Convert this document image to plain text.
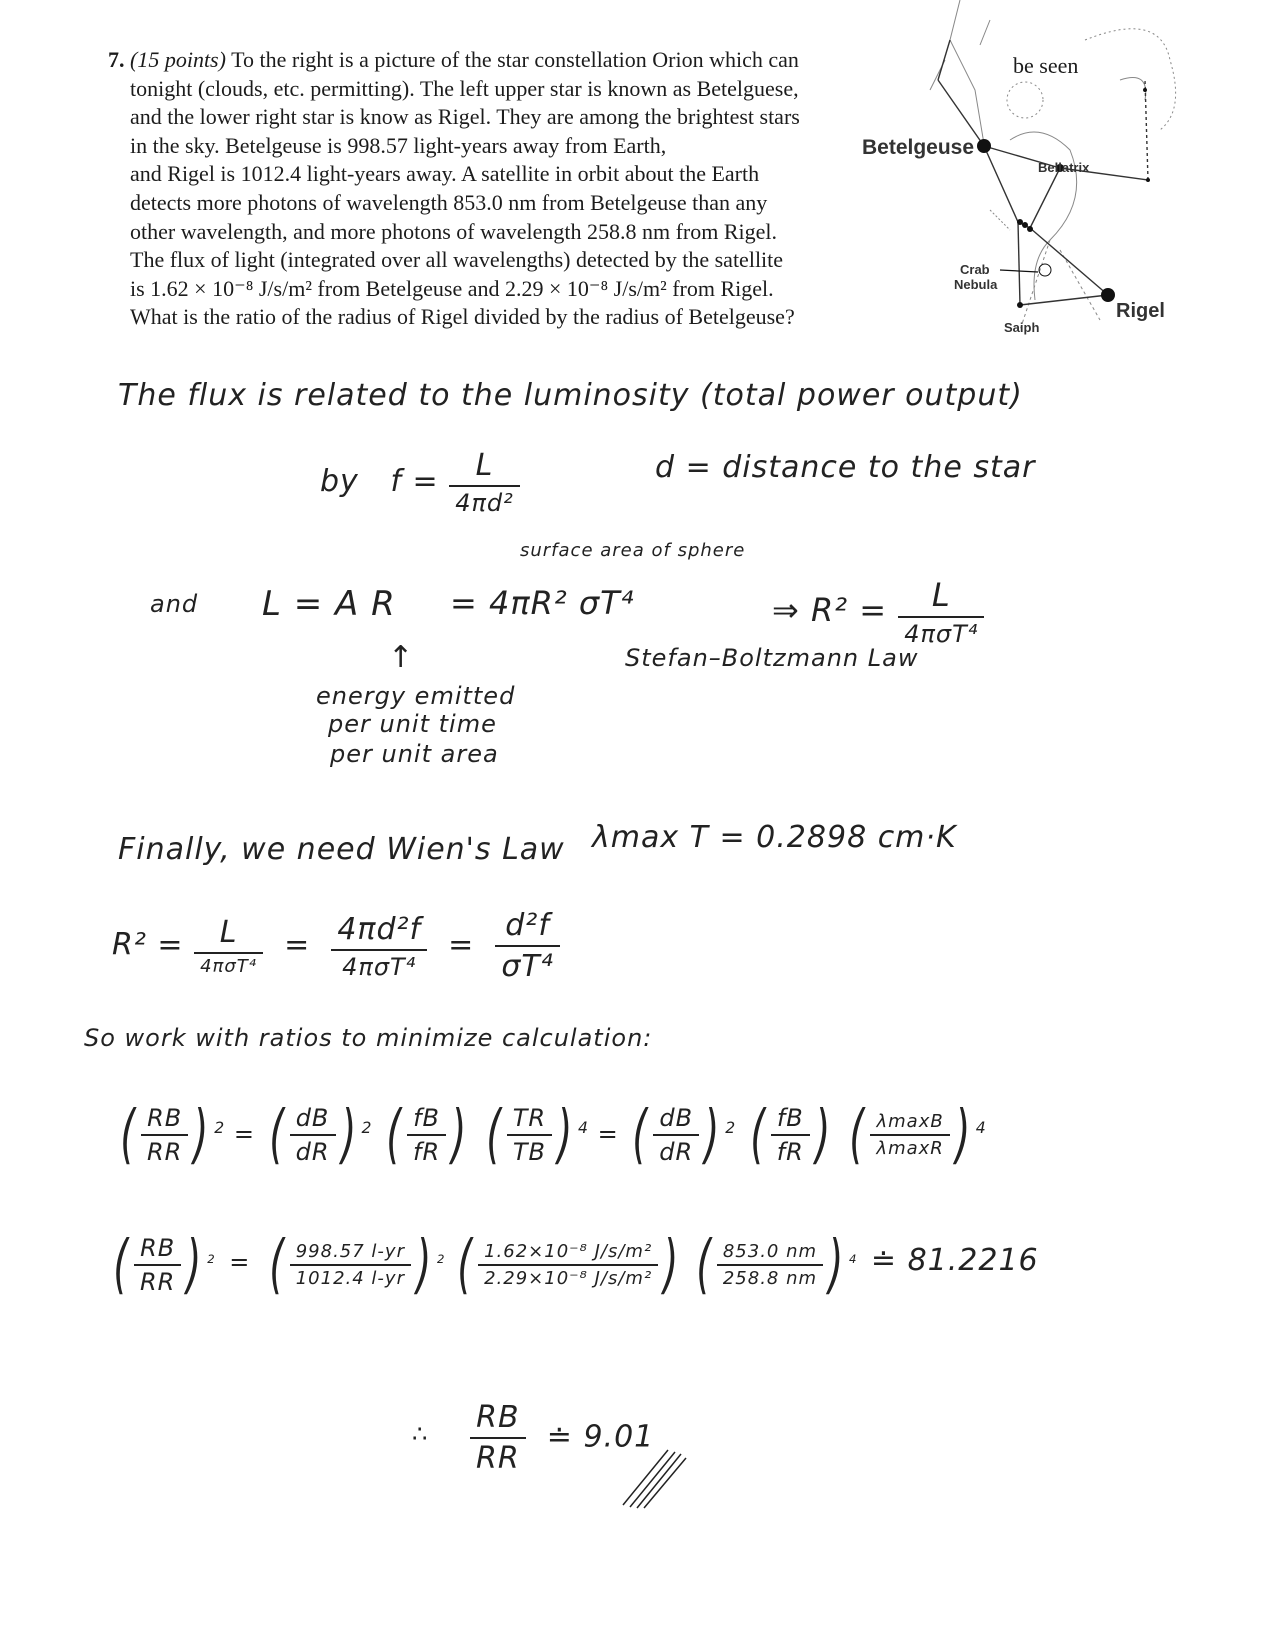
7. (15 points) To the right is a picture of the star constellation Orion which can
tonight (clouds, etc. permitting). The left upper star is known as Betelguese,
and the lower right star is know as Rigel. They are among the brightest stars
in the sky. Betelgeuse is 998.57 light-years away from Earth,
and Rigel is 1012.4 light-years away. A satellite in orbit about the Earth
detects more photons of wavelength 853.0 nm from Betelgeuse than any
other wavelength, and more photons of wavelength 258.8 nm from Rigel.
The flux of light (integrated over all wavelengths) detected by the satellite
is 1.62 × 10⁻⁸ J/s/m² from Betelgeuse and 2.29 × 10⁻⁸ J/s/m² from Rigel.
What is the ratio of the radius of Rigel divided by the radius of Betelgeuse?
be seen
Betelgeuse
Bellatrix
Crab
Nebula
Saiph
Rigel
The flux is related to the luminosity (total power output)
by $f = \frac{L}{\text{4πd²}}$	d = distance to the star
surface area of sphere
and L = A R = 4πR² σT⁴	⇒ $R^2 = \frac{L}{\text{4πσT⁴}}$
Stefan–Boltzmann Law
↑
energy emitted
per unit time
per unit area
Finally, we need Wien's Law λmax T = 0.2898 cm·K
$R^2 = \frac{L}{\text{4πσT⁴}} = \frac{\text{4πd²f}}{\text{4πσT⁴}} = \frac{\text{d²f}}{\text{σT⁴}}$
So work with ratios to minimize calculation:
( $\frac{RB}{RR}$ ) $^2$ = ( $\frac{dB}{dR}$ ) $^2$ ( $\frac{fB}{fR}$ ) ( $\frac{TR}{TB}$ ) $^4$ = ( $\frac{dB}{dR}$ ) $^2$ ( $\frac{fB}{fR}$ ) ( $\frac{\lambda\max B}{\lambda\max R}$ ) $^4$
( $\frac{RB}{RR}$ ) $^2$ = ( $\frac{998.57 l-yr}{1012.4 l-yr}$ ) $^2$ ( $\frac{\text{1.62×10⁻⁸ J/s/m²}}{\text{2.29×10⁻⁸ J/s/m²}}$ ) ( $\frac{853.0 nm}{258.8 nm}$ ) $^4$ ≐ 81.2216
∴ $\frac{RB}{RR}$ ≐ 9.01
